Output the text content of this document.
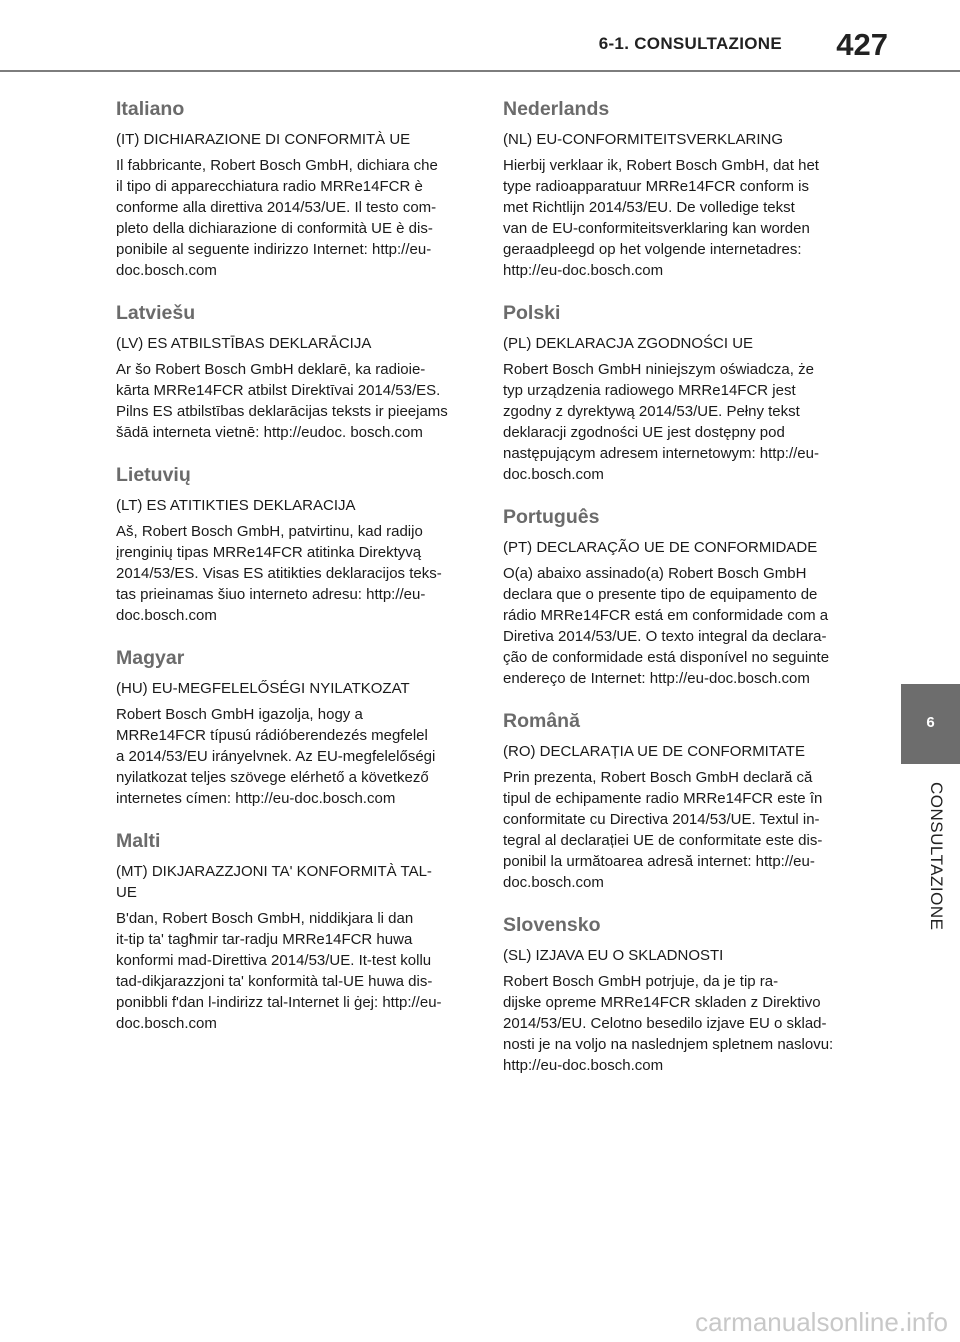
6-1. CONSULTAZIONE 427
Italiano
(IT) DICHIARAZIONE DI CONFORMITÀ UE
Il fabbricante, Robert Bosch GmbH, dichiara che
il tipo di apparecchiatura radio MRRe14FCR è
conforme alla direttiva 2014/53/UE. Il testo com-
pleto della dichiarazione di conformità UE è dis-
ponibile al seguente indirizzo Internet: http://eu-
doc.bosch.com
Latviešu
(LV) ES ATBILSTĪBAS DEKLARĀCIJA
Ar šo Robert Bosch GmbH deklarē, ka radioie-
kārta MRRe14FCR atbilst Direktīvai 2014/53/ES.
Pilns ES atbilstības deklarācijas teksts ir pieejams
šādā interneta vietnē: http://eudoc. bosch.com
Lietuvių
(LT) ES ATITIKTIES DEKLARACIJA
Aš, Robert Bosch GmbH, patvirtinu, kad radijo
įrenginių tipas MRRe14FCR atitinka Direktyvą
2014/53/ES. Visas ES atitikties deklaracijos teks-
tas prieinamas šiuo interneto adresu: http://eu-
doc.bosch.com
Magyar
(HU) EU-MEGFELELŐSÉGI NYILATKOZAT
Robert Bosch GmbH igazolja, hogy a
MRRe14FCR típusú rádióberendezés megfelel
a 2014/53/EU irányelvnek. Az EU-megfelelőségi
nyilatkozat teljes szövege elérhető a következő
internetes címen: http://eu-doc.bosch.com
Malti
(MT) DIKJARAZZJONI TA' KONFORMITÀ TAL-
UE
B'dan, Robert Bosch GmbH, niddikjara li dan
it-tip ta' tagħmir tar-radju MRRe14FCR huwa
konformi mad-Direttiva 2014/53/UE. It-test kollu
tad-dikjarazzjoni ta' konformità tal-UE huwa dis-
ponibbli f'dan l-indirizz tal-Internet li ġej: http://eu-
doc.bosch.com
Nederlands
(NL) EU-CONFORMITEITSVERKLARING
Hierbij verklaar ik, Robert Bosch GmbH, dat het
type radioapparatuur MRRe14FCR conform is
met Richtlijn 2014/53/EU. De volledige tekst
van de EU-conformiteitsverklaring kan worden
geraadpleegd op het volgende internetadres:
http://eu-doc.bosch.com
Polski
(PL) DEKLARACJA ZGODNOŚCI UE
Robert Bosch GmbH niniejszym oświadcza, że
typ urządzenia radiowego MRRe14FCR jest
zgodny z dyrektywą 2014/53/UE. Pełny tekst
deklaracji zgodności UE jest dostępny pod
następującym adresem internetowym: http://eu-
doc.bosch.com
Português
(PT) DECLARAÇÃO UE DE CONFORMIDADE
O(a) abaixo assinado(a) Robert Bosch GmbH
declara que o presente tipo de equipamento de
rádio MRRe14FCR está em conformidade com a
Diretiva 2014/53/UE. O texto integral da declara-
ção de conformidade está disponível no seguinte
endereço de Internet: http://eu-doc.bosch.com
Română
(RO) DECLARAȚIA UE DE CONFORMITATE
Prin prezenta, Robert Bosch GmbH declară că
tipul de echipamente radio MRRe14FCR este în
conformitate cu Directiva 2014/53/UE. Textul in-
tegral al declarației UE de conformitate este dis-
ponibil la următoarea adresă internet: http://eu-
doc.bosch.com
Slovensko
(SL) IZJAVA EU O SKLADNOSTI
Robert Bosch GmbH potrjuje, da je tip ra-
dijske opreme MRRe14FCR skladen z Direktivo
2014/53/EU. Celotno besedilo izjave EU o sklad-
nosti je na voljo na naslednjem spletnem naslovu:
http://eu-doc.bosch.com
6
CONSULTAZIONE
carmanualsonline.info
